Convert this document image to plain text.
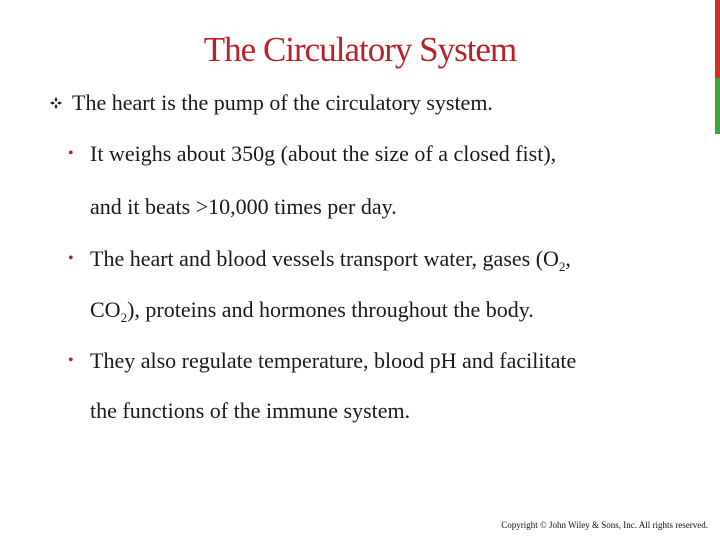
The Circulatory System
The heart is the pump of the circulatory system.
• It weighs about 350g (about the size of a closed fist),
and it beats >10,000 times per day.
• The heart and blood vessels transport water, gases ($O_2$,
$CO_2$), proteins and hormones throughout the body.
• They also regulate temperature, blood pH and facilitate
the functions of the immune system.
Copyright © John Wiley & Sons, Inc. All rights reserved.
